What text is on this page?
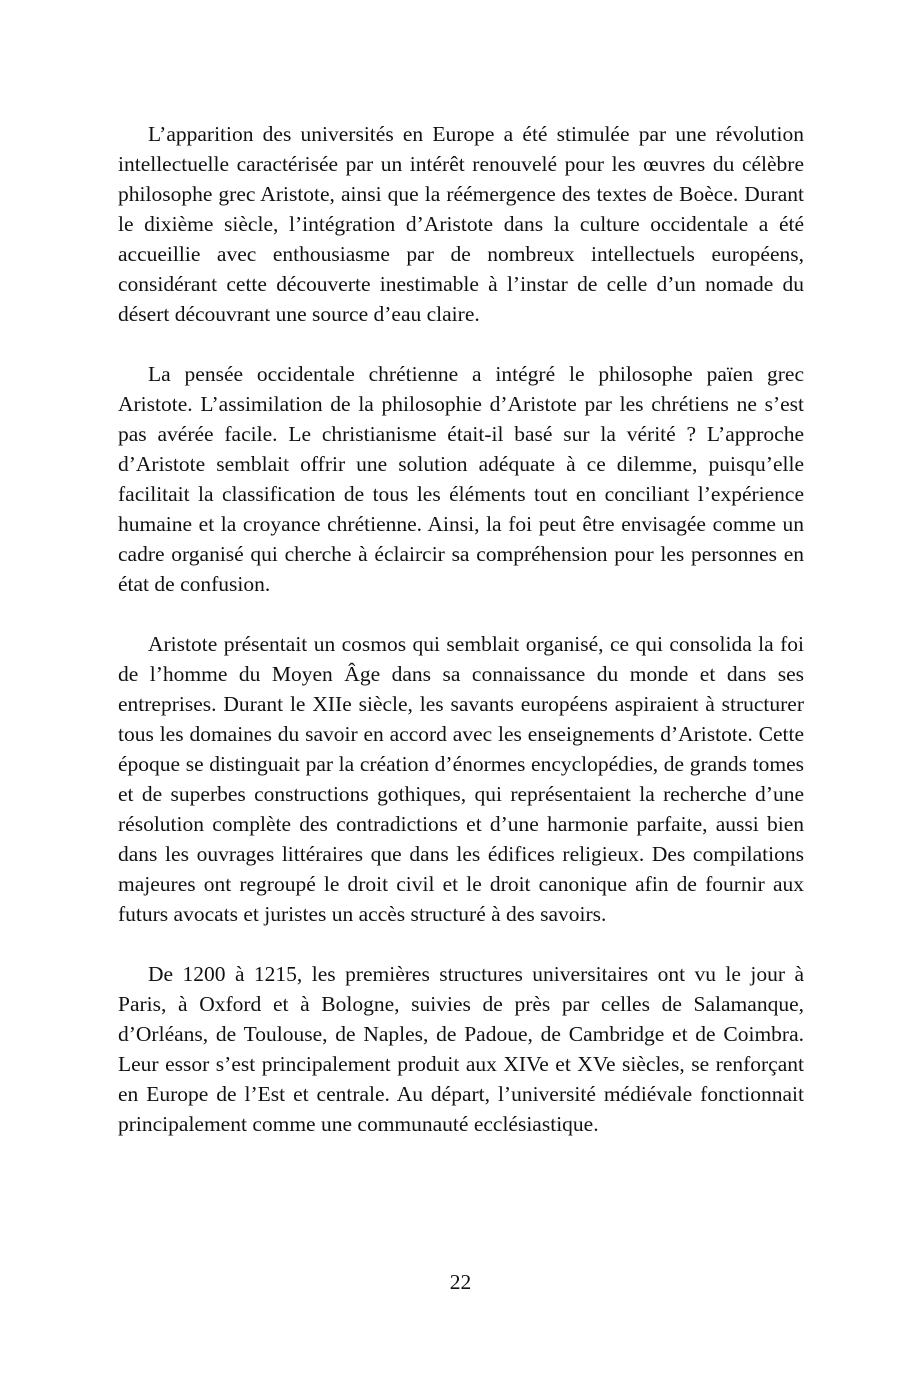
L’apparition des universités en Europe a été stimulée par une révolution intellectuelle caractérisée par un intérêt renouvelé pour les œuvres du célèbre philosophe grec Aristote, ainsi que la réémergence des textes de Boèce. Durant le dixième siècle, l’intégration d’Aristote dans la culture occidentale a été accueillie avec enthousiasme par de nombreux intellectuels européens, considérant cette découverte inestimable à l’instar de celle d’un nomade du désert découvrant une source d’eau claire.

La pensée occidentale chrétienne a intégré le philosophe païen grec Aristote. L’assimilation de la philosophie d’Aristote par les chrétiens ne s’est pas avérée facile. Le christianisme était-il basé sur la vérité ? L’approche d’Aristote semblait offrir une solution adéquate à ce dilemme, puisqu’elle facilitait la classification de tous les éléments tout en conciliant l’expérience humaine et la croyance chrétienne. Ainsi, la foi peut être envisagée comme un cadre organisé qui cherche à éclaircir sa compréhension pour les personnes en état de confusion.

Aristote présentait un cosmos qui semblait organisé, ce qui consolida la foi de l’homme du Moyen Âge dans sa connaissance du monde et dans ses entreprises. Durant le XIIe siècle, les savants européens aspiraient à structurer tous les domaines du savoir en accord avec les enseignements d’Aristote. Cette époque se distinguait par la création d’énormes encyclopédies, de grands tomes et de superbes constructions gothiques, qui représentaient la recherche d’une résolution complète des contradictions et d’une harmonie parfaite, aussi bien dans les ouvrages littéraires que dans les édifices religieux. Des compilations majeures ont regroupé le droit civil et le droit canonique afin de fournir aux futurs avocats et juristes un accès structuré à des savoirs.

De 1200 à 1215, les premières structures universitaires ont vu le jour à Paris, à Oxford et à Bologne, suivies de près par celles de Salamanque, d’Orléans, de Toulouse, de Naples, de Padoue, de Cambridge et de Coimbra. Leur essor s’est principalement produit aux XIVe et XVe siècles, se renforçant en Europe de l’Est et centrale. Au départ, l’université médiévale fonctionnait principalement comme une communauté ecclésiastique.

22
